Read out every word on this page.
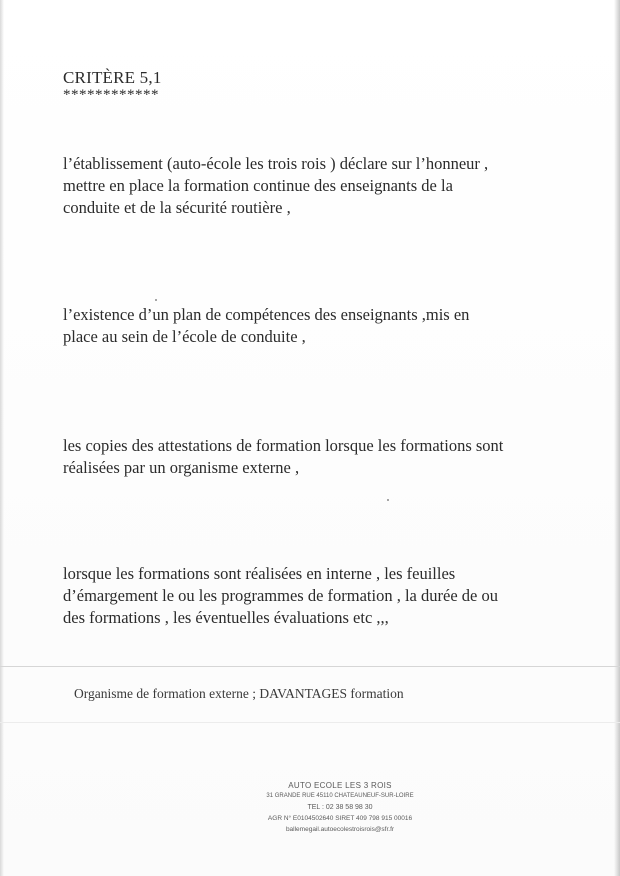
CRITÈRE 5,1
************
l’établissement (auto-école les trois rois ) déclare sur l’honneur ,
mettre en place la formation continue des enseignants de la
conduite et de la sécurité routière ,
l’existence d’un plan de compétences des enseignants ,mis en
place au sein de l’école de conduite ,
les copies des attestations de formation lorsque les formations sont
réalisées par un organisme externe ,
lorsque les formations sont réalisées en interne , les feuilles
d’émargement le ou les programmes de formation , la durée de ou
des formations , les éventuelles évaluations etc ,,,
Organisme de formation externe ; DAVANTAGES formation
AUTO ECOLE LES 3 ROIS
31 GRANDE RUE 45110 CHATEAUNEUF-SUR-LOIRE
TEL : 02 38 58 98 30
AGR N° E0104502640 SIRET 409 798 915 00016
ballemegail.autoecolestroisrois@sfr.fr
